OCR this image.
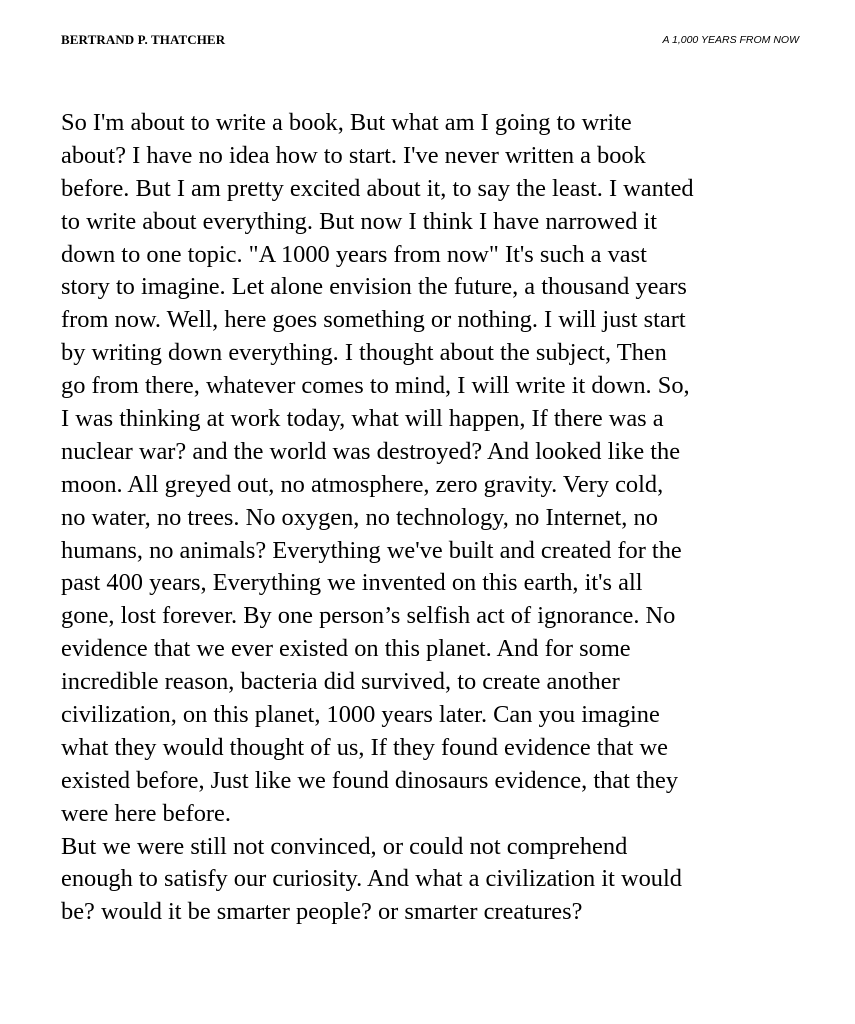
BERTRAND P. THATCHER	A 1,000 YEARS FROM NOW
So I'm about to write a book, But what am I going to write
about? I have no idea how to start. I've never written a book
before. But I am pretty excited about it, to say the least. I wanted
to write about everything. But now I think I have narrowed it
down to one topic. "A 1000 years from now" It's such a vast
story to imagine. Let alone envision the future, a thousand years
from now. Well, here goes something or nothing. I will just start
by writing down everything. I thought about the subject, Then
go from there, whatever comes to mind, I will write it down. So,
I was thinking at work today, what will happen, If there was a
nuclear war? and the world was destroyed? And looked like the
moon. All greyed out, no atmosphere, zero gravity. Very cold,
no water, no trees. No oxygen, no technology, no Internet, no
humans, no animals? Everything we've built and created for the
past 400 years, Everything we invented on this earth, it's all
gone, lost forever. By one person’s selfish act of ignorance. No
evidence that we ever existed on this planet. And for some
incredible reason, bacteria did survived, to create another
civilization, on this planet, 1000 years later. Can you imagine
what they would thought of us, If they found evidence that we
existed before, Just like we found dinosaurs evidence, that they
were here before.
But we were still not convinced, or could not comprehend
enough to satisfy our curiosity. And what a civilization it would
be? would it be smarter people? or smarter creatures?
